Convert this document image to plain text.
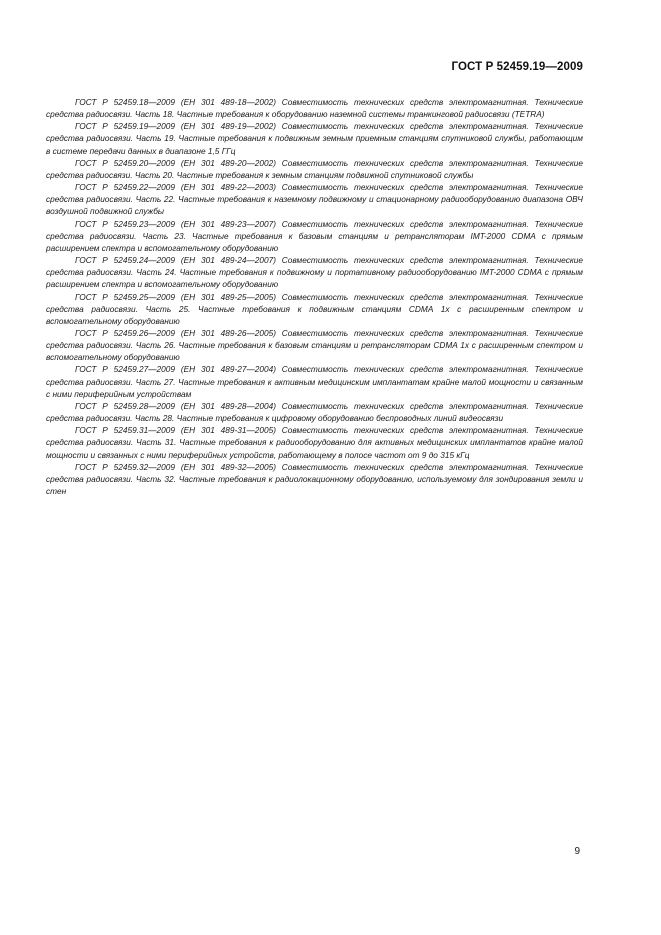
ГОСТ Р 52459.19—2009

ГОСТ Р 52459.18—2009 (ЕН 301 489-18—2002) Совместимость технических средств электромагнитная. Технические средства радиосвязи. Часть 18. Частные требования к оборудованию наземной системы транкинговой радиосвязи (TETRA)

ГОСТ Р 52459.19—2009 (ЕН 301 489-19—2002) Совместимость технических средств электромагнитная. Технические средства радиосвязи. Часть 19. Частные требования к подвижным земным приемным станциям спутниковой службы, работающим в системе передачи данных в диапазоне 1,5 ГГц

ГОСТ Р 52459.20—2009 (ЕН 301 489-20—2002) Совместимость технических средств электромагнитная. Технические средства радиосвязи. Часть 20. Частные требования к земным станциям подвижной спутниковой службы

ГОСТ Р 52459.22—2009 (ЕН 301 489-22—2003) Совместимость технических средств электромагнитная. Технические средства радиосвязи. Часть 22. Частные требования к наземному подвижному и стационарному радиооборудованию диапазона ОВЧ воздушной подвижной службы

ГОСТ Р 52459.23—2009 (ЕН 301 489-23—2007) Совместимость технических средств электромагнитная. Технические средства радиосвязи. Часть 23. Частные требования к базовым станциям и ретрансляторам IMT-2000 CDMA с прямым расширением спектра и вспомогательному оборудованию

ГОСТ Р 52459.24—2009 (ЕН 301 489-24—2007) Совместимость технических средств электромагнитная. Технические средства радиосвязи. Часть 24. Частные требования к подвижному и портативному радиооборудованию IMT-2000 CDMA с прямым расширением спектра и вспомогательному оборудованию

ГОСТ Р 52459.25—2009 (ЕН 301 489-25—2005) Совместимость технических средств электромагнитная. Технические средства радиосвязи. Часть 25. Частные требования к подвижным станциям CDMA 1x с расширенным спектром и вспомогательному оборудованию

ГОСТ Р 52459.26—2009 (ЕН 301 489-26—2005) Совместимость технических средств электромагнитная. Технические средства радиосвязи. Часть 26. Частные требования к базовым станциям и ретрансляторам CDMA 1x с расширенным спектром и вспомогательному оборудованию

ГОСТ Р 52459.27—2009 (ЕН 301 489-27—2004) Совместимость технических средств электромагнитная. Технические средства радиосвязи. Часть 27. Частные требования к активным медицинским имплантатам крайне малой мощности и связанным с ними периферийным устройствам

ГОСТ Р 52459.28—2009 (ЕН 301 489-28—2004) Совместимость технических средств электромагнитная. Технические средства радиосвязи. Часть 28. Частные требования к цифровому оборудованию беспроводных линий видеосвязи

ГОСТ Р 52459.31—2009 (ЕН 301 489-31—2005) Совместимость технических средств электромагнитная. Технические средства радиосвязи. Часть 31. Частные требования к радиооборудованию для активных медицинских имплантатов крайне малой мощности и связанных с ними периферийных устройств, работающему в полосе частот от 9 до 315 кГц

ГОСТ Р 52459.32—2009 (ЕН 301 489-32—2005) Совместимость технических средств электромагнитная. Технические средства радиосвязи. Часть 32. Частные требования к радиолокационному оборудованию, используемому для зондирования земли и стен

9
